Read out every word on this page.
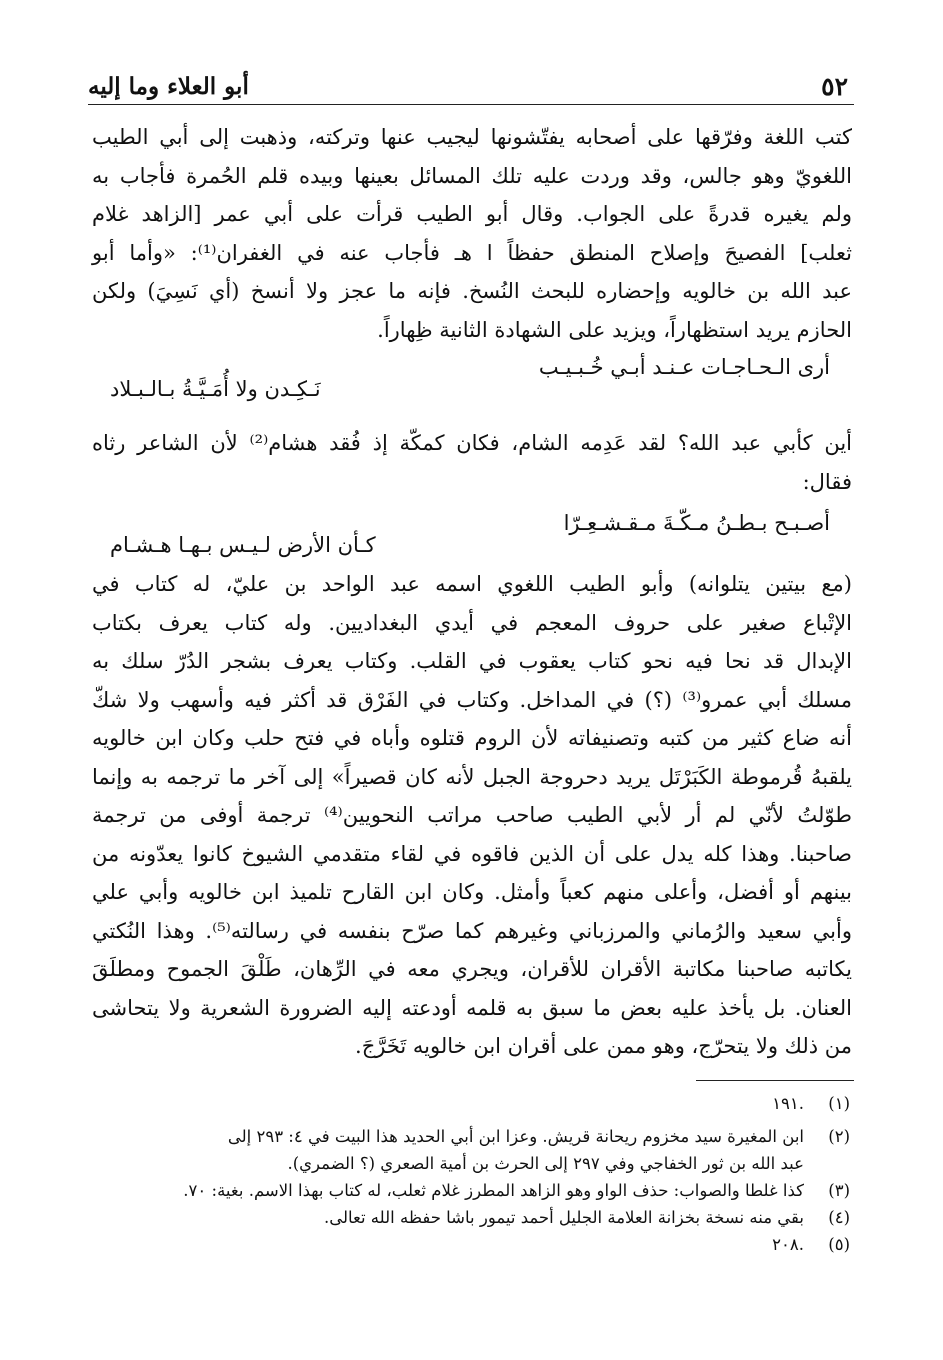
٥٢
أبو العلاء وما إليه

كتب اللغة وفرّقها على أصحابه يفتّشونها ليجيب عنها وتركته، وذهبت إلى أبي الطيب
اللغويّ وهو جالس، وقد وردت عليه تلك المسائل بعينها وبيده قلم الحُمرة فأجاب به
ولم يغيره قدرةً على الجواب. وقال أبو الطيب قرأت على أبي عمر [الزاهد غلام
ثعلب] الفصيحَ وإصلاح المنطق حفظاً ا هـ فأجاب عنه في الغفران⁽¹⁾: «وأما أبو
عبد الله بن خالويه وإحضاره للبحث النُسخ. فإنه ما عجز ولا أنسخ (أي نَسِيَ) ولكن
الحازم يريد استظهاراً، ويزيد على الشهادة الثانية ظِهاراً.

أرى الـحـاجـات عـنـد أبـي خُـبـيـب
نَـكِـدن ولا أُمَـيَّـةُ بـالـبـلاد

أين كأبي عبد الله؟ لقد عَدِمه الشام، فكان كمكّة إذ فُقد هشام⁽²⁾ لأن الشاعر رثاه
فقال:

أصـبـح بـطـنُ مـكّـةَ مـقـشـعِـرّا
كـأن الأرض لـيـس بـهـا هـشـام

(مع بيتين يتلوانه) وأبو الطيب اللغوي اسمه عبد الواحد بن عليّ، له كتاب في
الإتْباع صغير على حروف المعجم في أيدي البغداديين. وله كتاب يعرف بكتاب
الإبدال قد نحا فيه نحو كتاب يعقوب في القلب. وكتاب يعرف بشجر الدُرّ سلك به
مسلك أبي عمرو⁽³⁾ (؟) في المداخل. وكتاب في الفَرْق قد أكثر فيه وأسهب ولا شكّ
أنه ضاع كثير من كتبه وتصنيفاته لأن الروم قتلوه وأباه في فتح حلب وكان ابن خالويه
يلقبهُ قُرموطة الكَبَرْتَل يريد دحروجة الجبل لأنه كان قصيراً» إلى آخر ما ترجمه به وإنما
طوّلتُ لأنّي لم أر لأبي الطيب صاحب مراتب النحويين⁽⁴⁾ ترجمة أوفى من ترجمة
صاحبنا. وهذا كله يدل على أن الذين فاقوه في لقاء متقدمي الشيوخ كانوا يعدّونه من
بينهم أو أفضل، وأعلى منهم كعباً وأمثل. وكان ابن القارح تلميذ ابن خالويه وأبي علي
وأبي سعيد والرُماني والمرزباني وغيرهم كما صرّح بنفسه في رسالته⁽⁵⁾. وهذا النُكتي
يكاتبه صاحبنا مكاتبة الأقران للأقران، ويجري معه في الرِّهان، طَلْقَ الجموح ومطلَقَ
العنان. بل يأخذ عليه بعض ما سبق به قلمه أودعته إليه الضرورة الشعرية ولا يتحاشى
من ذلك ولا يتحرّج، وهو ممن على أقران ابن خالويه تَخَرَّجَ.

(١)
.١٩١
(٢)
ابن المغيرة سيد مخزوم ريحانة قريش. وعزا ابن أبي الحديد هذا البيت في ٤: ٢٩٣ إلى
عبد الله بن ثور الخفاجي وفي ٢٩٧ إلى الحرث بن أمية الصعري (؟ الضمري).
(٣)
كذا غلطا والصواب: حذف الواو وهو الزاهد المطرز غلام ثعلب، له كتاب بهذا الاسم. بغية: ٧٠.
(٤)
بقي منه نسخة بخزانة العلامة الجليل أحمد تيمور باشا حفظه الله تعالى.
(٥)
.٢٠٨
